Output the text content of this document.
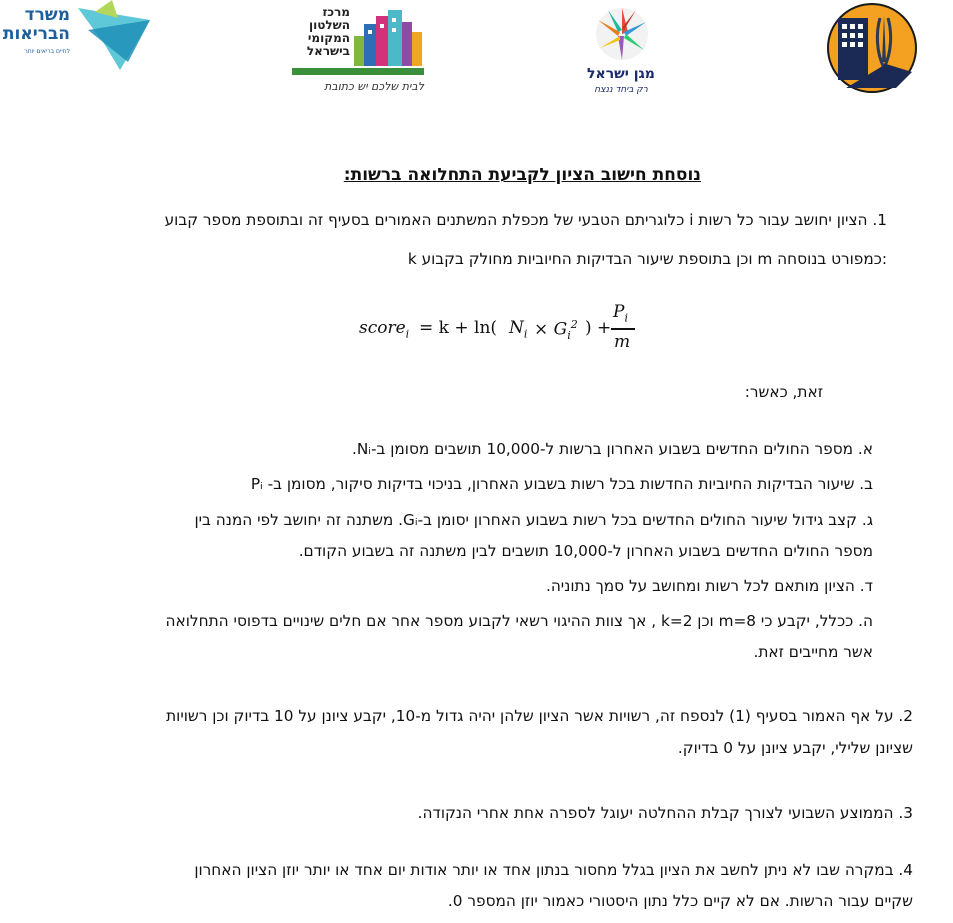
משרד
הבריאות
לחיים בריאים יותר
מרכז
השלטון
המקומי
בישראל
לבית שלכם יש כתובת
מגן ישראל
רק ביחד ננצח
נוסחת חישוב הציון לקביעת התחלואה ברשות:
1. הציון יחושב עבור כל רשות i כלוגריתם הטבעי של מכפלת המשתנים האמורים בסעיף זה ובתוספת מספר קבוע
k וכן בתוספת שיעור הבדיקות החיוביות מחולק בקבוע m כמפורט בנוסחה:
score$_i$ = k + ln( $N_i \times G_i^2$ ) +
$P_i$
m
זאת, כאשר:
א. מספר החולים החדשים בשבוע האחרון ברשות ל-10,000 תושבים מסומן ב-Nᵢ.
ב. שיעור הבדיקות החיוביות החדשות בכל רשות בשבוע האחרון, בניכוי בדיקות סיקור, מסומן ב- Pᵢ
ג. קצב גידול שיעור החולים החדשים בכל רשות בשבוע האחרון יסומן ב-Gᵢ. משתנה זה יחושב לפי המנה בין
מספר החולים החדשים בשבוע האחרון ל-10,000 תושבים לבין משתנה זה בשבוע הקודם.
ד. הציון מותאם לכל רשות ומחושב על סמך נתוניה.
ה. ככלל, יקבע כי m=8 וכן k=2 , אך צוות ההיגוי רשאי לקבוע מספר אחר אם חלים שינויים בדפוסי התחלואה
אשר מחייבים זאת.
2. על אף האמור בסעיף (1) לנספח זה, רשויות אשר הציון שלהן יהיה גדול מ-10, יקבע ציונן על 10 בדיוק וכן רשויות
שציונן שלילי, יקבע ציונן על 0 בדיוק.
3. הממוצע השבועי לצורך קבלת ההחלטה יעוגל לספרה אחת אחרי הנקודה.
4. במקרה שבו לא ניתן לחשב את הציון בגלל מחסור בנתון אחד או יותר אודות יום אחד או יותר יוזן הציון האחרון
שקיים עבור הרשות. אם לא קיים כלל נתון היסטורי כאמור יוזן המספר 0.
